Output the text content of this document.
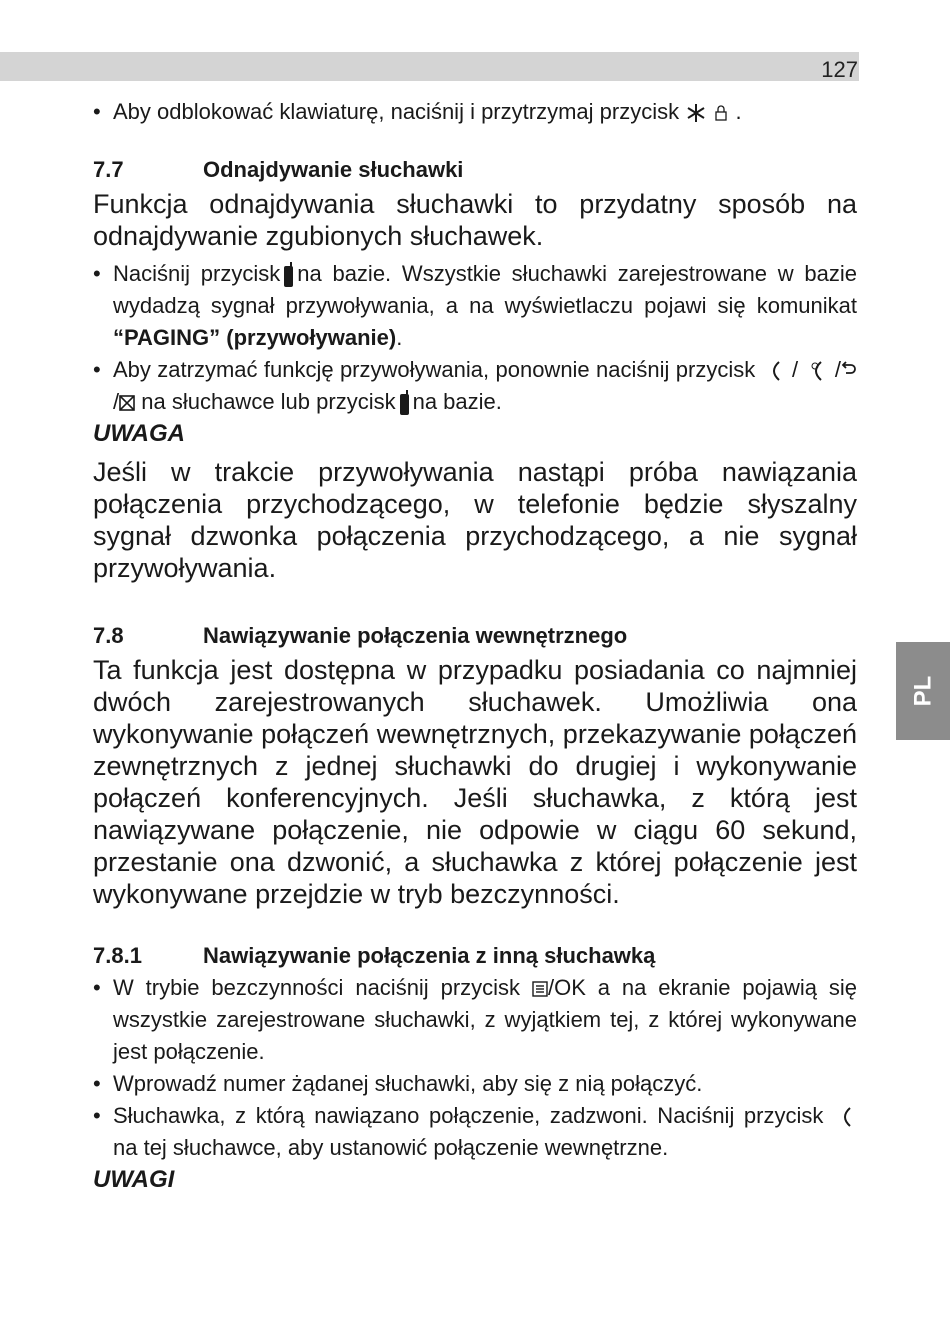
127
PL
• Aby odblokować klawiaturę, naciśnij i przytrzymaj przycisk	.
7.7	Odnajdywanie słuchawki
Funkcja odnajdywania słuchawki to przydatny sposób na odnajdywanie zgubionych słuchawek.
• Naciśnij przycisk na bazie. Wszystkie słuchawki zarejestrowane w bazie wydadzą sygnał przywoływania, a na wyświetlaczu pojawi się komunikat “PAGING” (przywoływanie).
• Aby zatrzymać funkcję przywoływania, ponownie naciśnij przycisk / // na słuchawce lub przycisk na bazie.
UWAGA
Jeśli w trakcie przywoływania nastąpi próba nawiązania połączenia przychodzącego, w telefonie będzie słyszalny sygnał dzwonka połączenia przychodzącego, a nie sygnał przywoływania.
7.8	Nawiązywanie połączenia wewnętrznego
Ta funkcja jest dostępna w przypadku posiadania co najmniej dwóch zarejestrowanych słuchawek. Umożliwia ona wykonywanie połączeń wewnętrznych, przekazywanie połączeń zewnętrznych z jednej słuchawki do drugiej i wykonywanie połączeń konferencyjnych. Jeśli słuchawka, z którą jest nawiązywane połączenie, nie odpowie w ciągu 60 sekund, przestanie ona dzwonić, a słuchawka z której połączenie jest wykonywane przejdzie w tryb bezczynności.
7.8.1	Nawiązywanie połączenia z inną słuchawką
• W trybie bezczynności naciśnij przycisk /OK a na ekranie pojawią się wszystkie zarejestrowane słuchawki, z wyjątkiem tej, z której wykonywane jest połączenie.
• Wprowadź numer żądanej słuchawki, aby się z nią połączyć.
• Słuchawka, z którą nawiązano połączenie, zadzwoni. Naciśnij przycisk  na tej słuchawce, aby ustanowić połączenie wewnętrzne.
UWAGI
